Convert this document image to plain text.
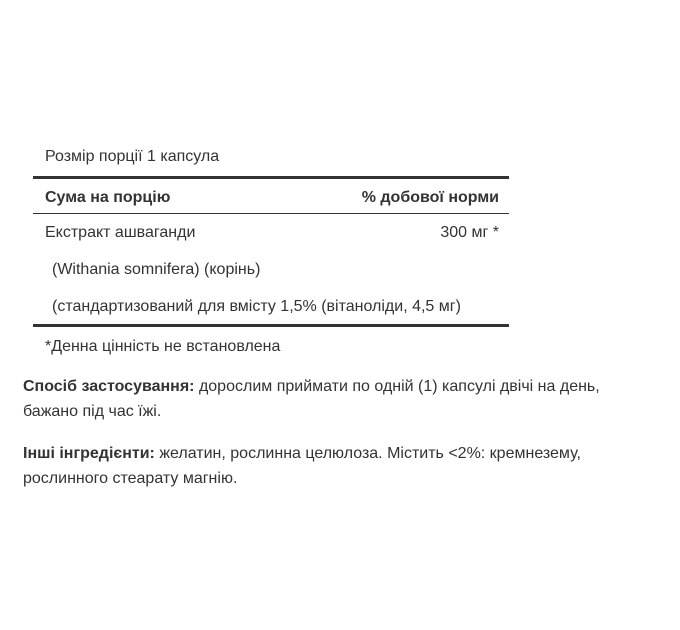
Розмір порції 1 капсула
Сума на порцію	% добової норми
Екстракт ашваганди	300 мг *
(Withania somnifera) (корінь)
(стандартизований для вмісту 1,5% (вітаноліди, 4,5 мг)
*Денна цінність не встановлена
Спосіб застосування: дорослим приймати по одній (1) капсулі двічі на день, бажано під час їжі.
Інші інгредієнти: желатин, рослинна целюлоза. Містить <2%: кремнезему, рослинного стеарату магнію.
